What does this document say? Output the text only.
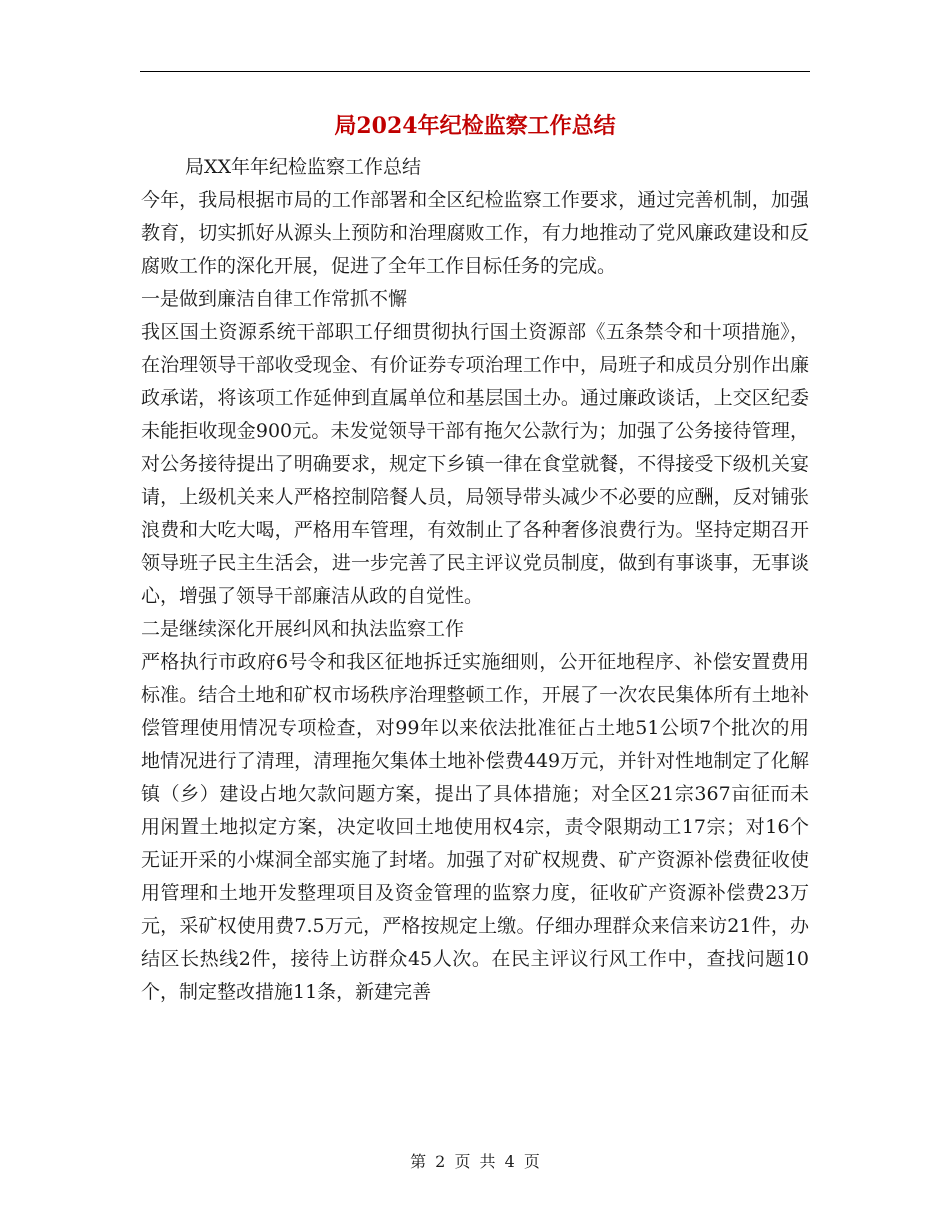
局2024年纪检监察工作总结

局XX年年纪检监察工作总结

今年，我局根据市局的工作部署和全区纪检监察工作要求，通过完善机制，加强教育，切实抓好从源头上预防和治理腐败工作，有力地推动了党风廉政建设和反腐败工作的深化开展，促进了全年工作目标任务的完成。

一是做到廉洁自律工作常抓不懈

我区国土资源系统干部职工仔细贯彻执行国土资源部《五条禁令和十项措施》，在治理领导干部收受现金、有价证券专项治理工作中，局班子和成员分别作出廉政承诺，将该项工作延伸到直属单位和基层国土办。通过廉政谈话，上交区纪委未能拒收现金900元。未发觉领导干部有拖欠公款行为；加强了公务接待管理，对公务接待提出了明确要求，规定下乡镇一律在食堂就餐，不得接受下级机关宴请，上级机关来人严格控制陪餐人员，局领导带头减少不必要的应酬，反对铺张浪费和大吃大喝，严格用车管理，有效制止了各种奢侈浪费行为。坚持定期召开领导班子民主生活会，进一步完善了民主评议党员制度，做到有事谈事，无事谈心，增强了领导干部廉洁从政的自觉性。

二是继续深化开展纠风和执法监察工作

严格执行市政府6号令和我区征地拆迁实施细则，公开征地程序、补偿安置费用标准。结合土地和矿权市场秩序治理整顿工作，开展了一次农民集体所有土地补偿管理使用情况专项检查，对99年以来依法批准征占土地51公顷7个批次的用地情况进行了清理，清理拖欠集体土地补偿费449万元，并针对性地制定了化解镇（乡）建设占地欠款问题方案，提出了具体措施；对全区21宗367亩征而未用闲置土地拟定方案，决定收回土地使用权4宗，责令限期动工17宗；对16个无证开采的小煤洞全部实施了封堵。加强了对矿权规费、矿产资源补偿费征收使用管理和土地开发整理项目及资金管理的监察力度，征收矿产资源补偿费23万元，采矿权使用费7.5万元，严格按规定上缴。仔细办理群众来信来访21件，办结区长热线2件，接待上访群众45人次。在民主评议行风工作中，查找问题10个，制定整改措施11条，新建完善

第 2 页 共 4 页
